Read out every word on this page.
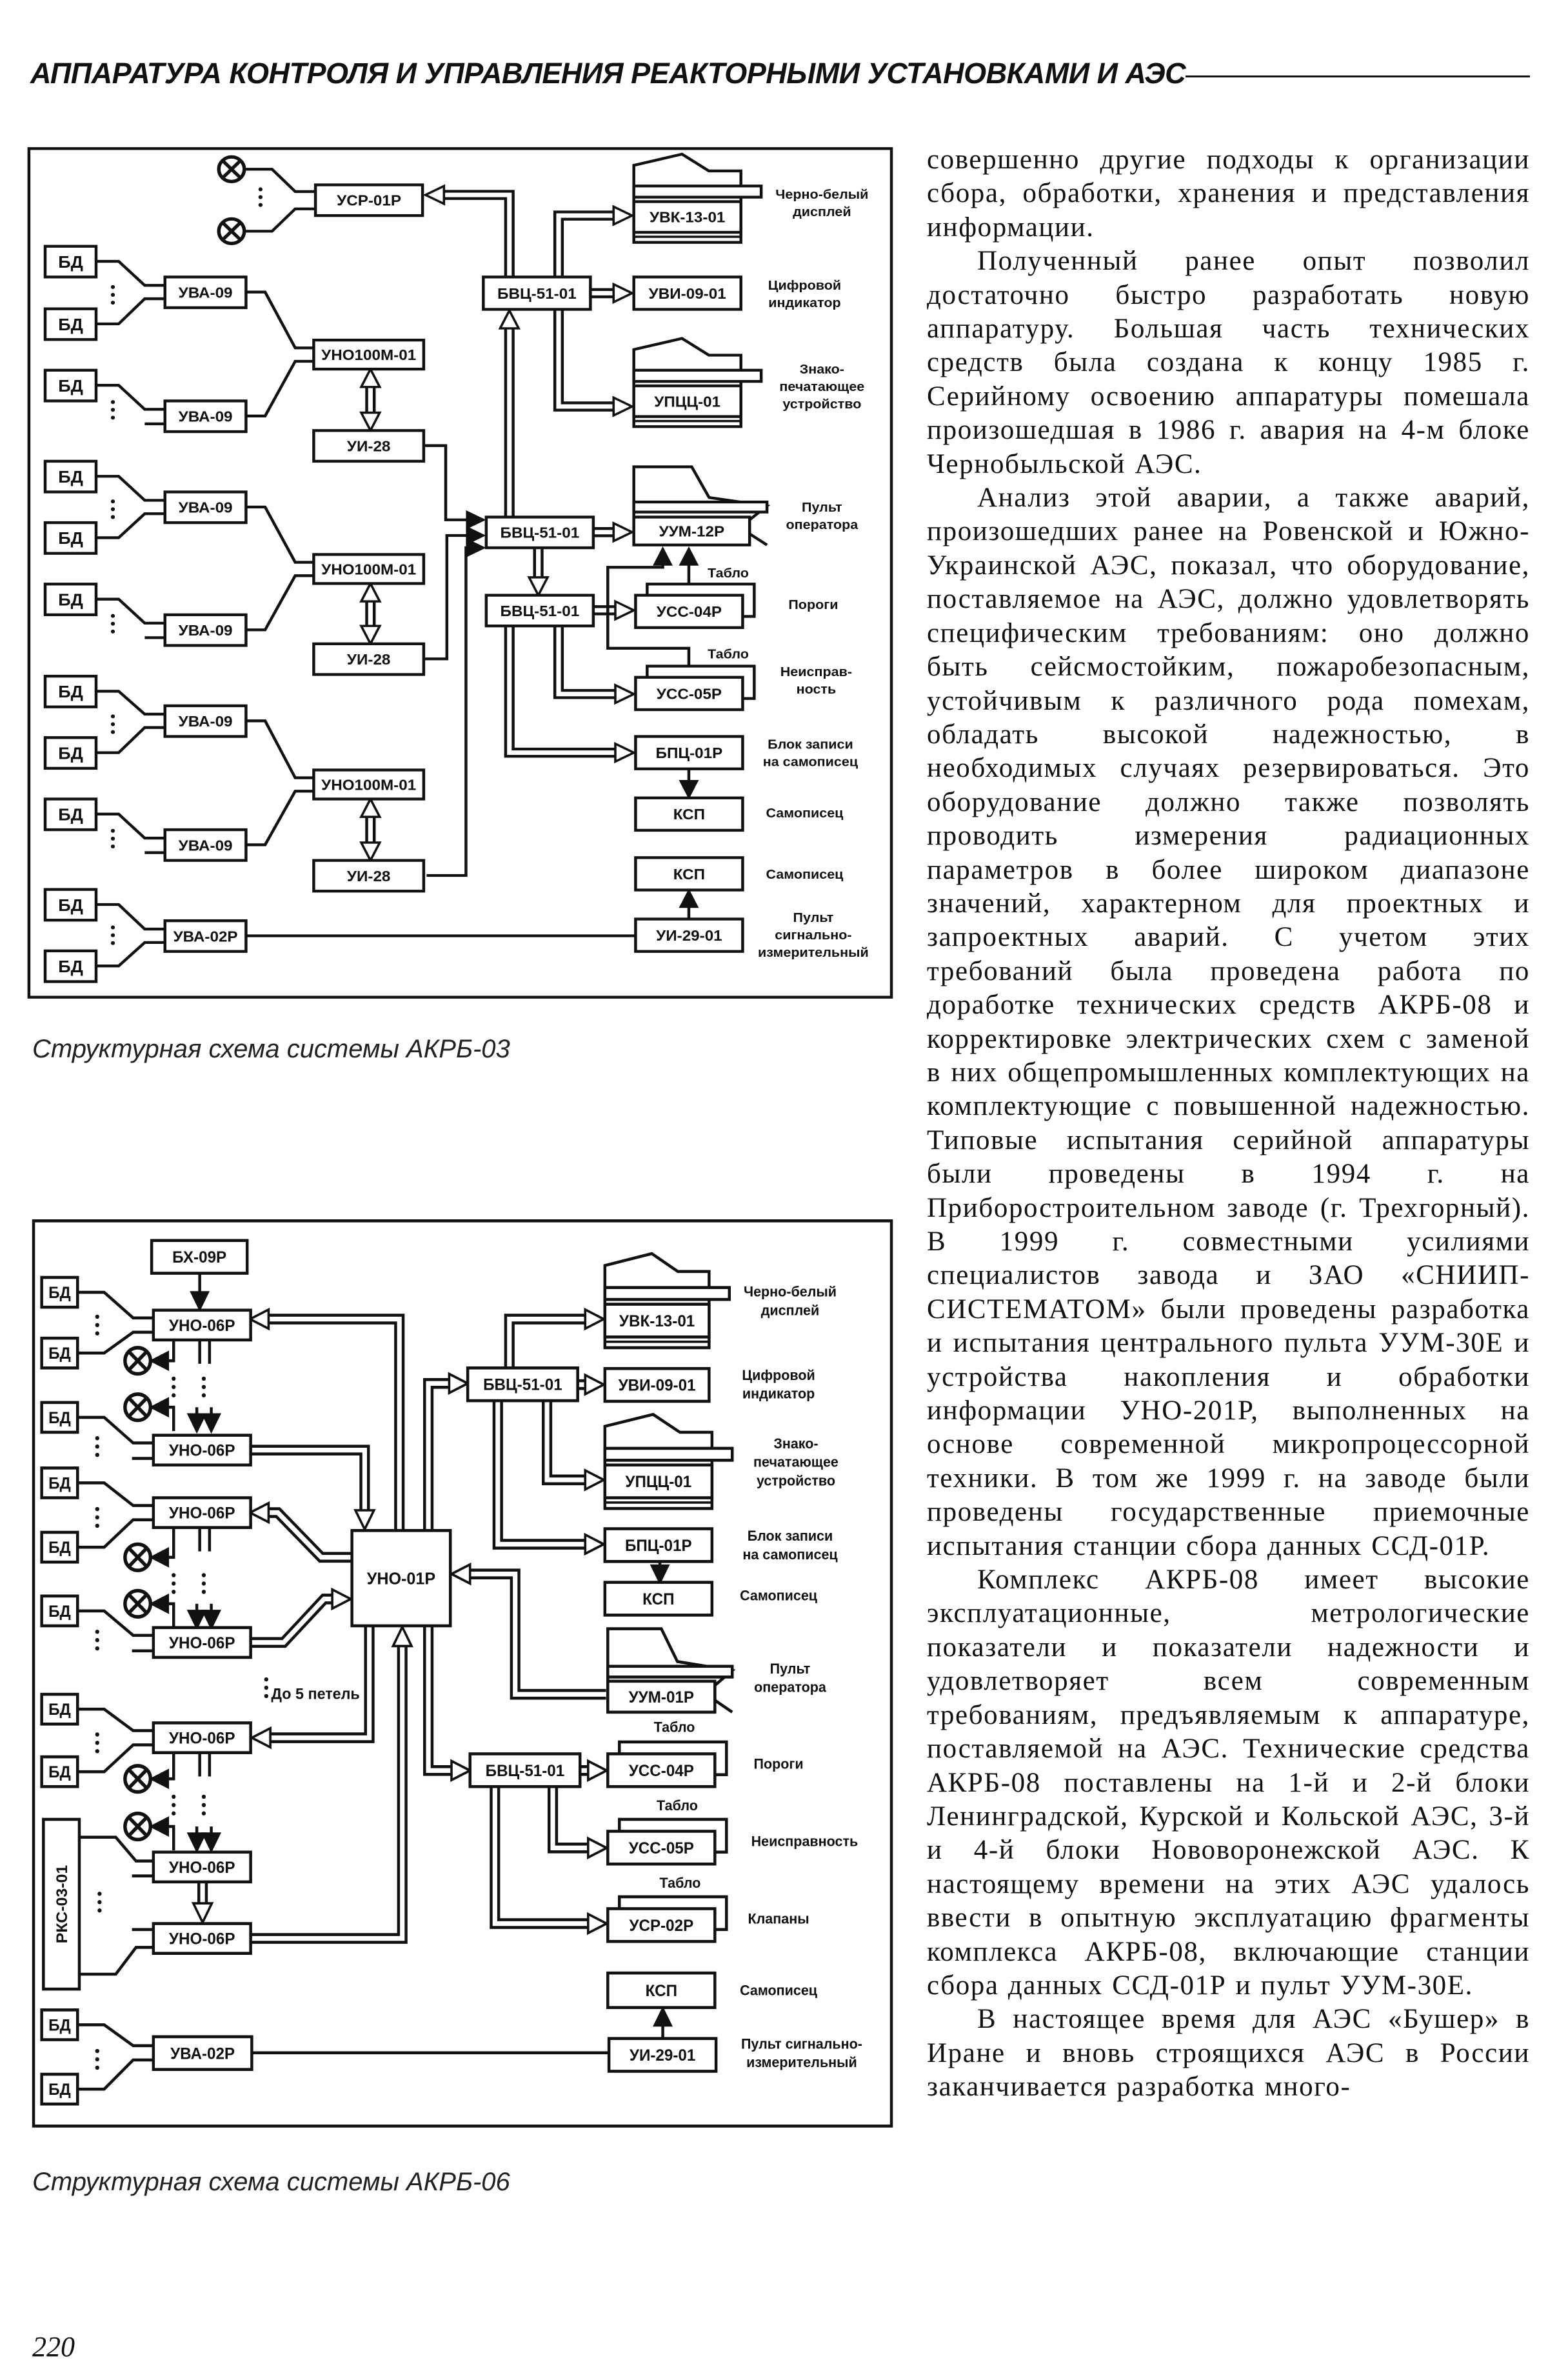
АППАРАТУРА КОНТРОЛЯ И УПРАВЛЕНИЯ РЕАКТОРНЫМИ УСТАНОВКАМИ И АЭС
БД
БД
БД
БД
БД
БД
БД
БД
БД
БД
БД
УВА-09
УВА-09
УВА-09
УВА-09
УВА-09
УВА-09
УНО100М-01
УИ-28
УНО100М-01
УИ-28
УНО100М-01
УИ-28
УСР-01Р
БВЦ-51-01
БВЦ-51-01
БВЦ-51-01
УВК-13-01
УВИ-09-01
УПЦЦ-01
УУМ-12Р
УСС-04Р
УСС-05Р
БПЦ-01Р
КСП
КСП
УИ-29-01
УВА-02Р
Табло
Табло
Черно-белый дисплей
Цифровой индикатор
Знако-печатающее устройство
Пульт оператора
Пороги
Неисправ-ность
Блок записи на самописец
Самописец
Самописец
Пульт сигнально-измерительный
Структурная схема системы АКРБ-03
БХ-09Р
БД
БД
БД
БД
БД
БД
БД
БД
БД
БД
РКС-03-01
УНО-06Р
УНО-06Р
УНО-06Р
УНО-06Р
УНО-06Р
УНО-06Р
УНО-06Р
УНО-01Р
До 5 петель
БВЦ-51-01
БВЦ-51-01
УВК-13-01
УВИ-09-01
УПЦЦ-01
БПЦ-01Р
КСП
УУМ-01Р
УСС-04Р
УСС-05Р
УСР-02Р
КСП
УИ-29-01
УВА-02Р
Табло
Табло
Табло
Черно-белый дисплей
Цифровой индикатор
Знако-печатающее устройство
Блок записи на самописец
Самописец
Пульт оператора
Пороги
Неисправность
Клапаны
Самописец
Пульт сигнально-измерительный
Структурная схема системы АКРБ-06

совершенно другие подходы к организации сбора, обработки, хранения и представления информации.

Полученный ранее опыт позволил достаточно быстро разработать новую аппаратуру. Большая часть технических средств была создана к концу 1985 г. Серийному освоению аппаратуры помешала произошедшая в 1986 г. авария на 4-м блоке Чернобыльской АЭС.

Анализ этой аварии, а также аварий, произошедших ранее на Ровенской и Южно-Украинской АЭС, показал, что оборудование, поставляемое на АЭС, должно удовлетворять специфическим требованиям: оно должно быть сейсмостойким, пожаробезопасным, устойчивым к различного рода помехам, обладать высокой надежностью, в необходимых случаях резервироваться. Это оборудование должно также позволять проводить измерения радиационных параметров в более широком диапазоне значений, характерном для проектных и запроектных аварий. С учетом этих требований была проведена работа по доработке технических средств АКРБ-08 и корректировке электрических схем с заменой в них общепромышленных комплектующих на комплектующие с повышенной надежностью. Типовые испытания серийной аппаратуры были проведены в 1994 г. на Приборостроительном заводе (г. Трехгорный). В 1999 г. совместными усилиями специалистов завода и ЗАО «СНИИП-СИСТЕМАТОМ» были проведены разработка и испытания центрального пульта УУМ-30Е и устройства накопления и обработки информации УНО-201Р, выполненных на основе современной микропроцессорной техники. В том же 1999 г. на заводе были проведены государственные приемочные испытания станции сбора данных ССД-01Р.

Комплекс АКРБ-08 имеет высокие эксплуатационные, метрологические показатели и показатели надежности и удовлетворяет всем современным требованиям, предъявляемым к аппаратуре, поставляемой на АЭС. Технические средства АКРБ-08 поставлены на 1-й и 2-й блоки Ленинградской, Курской и Кольской АЭС, 3-й и 4-й блоки Нововоронежской АЭС. К настоящему времени на этих АЭС удалось ввести в опытную эксплуатацию фрагменты комплекса АКРБ-08, включающие станции сбора данных ССД-01Р и пульт УУМ-30Е.

В настоящее время для АЭС «Бушер» в Иране и вновь строящихся АЭС в России заканчивается разработка много-

220
